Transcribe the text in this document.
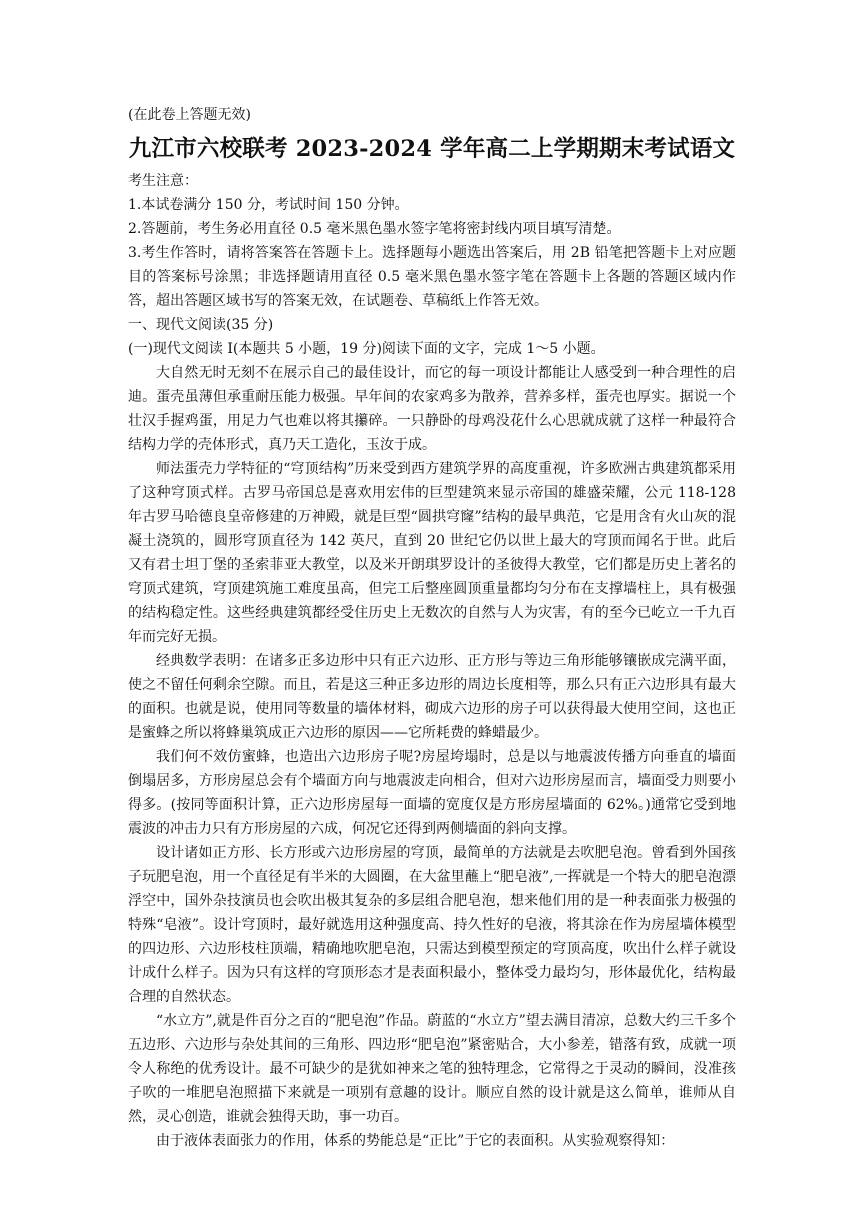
(在此卷上答题无效)

九江市六校联考 2023-2024 学年高二上学期期末考试语文

考生注意：

1.本试卷满分 150 分，考试时间 150 分钟。

2.答题前，考生务必用直径 0.5 毫米黑色墨水签字笔将密封线内项目填写清楚。

3.考生作答时，请将答案答在答题卡上。选择题每小题选出答案后，用 2B 铅笔把答题卡上对应题目的答案标号涂黑；非选择题请用直径 0.5 毫米黑色墨水签字笔在答题卡上各题的答题区域内作答，超出答题区域书写的答案无效，在试题卷、草稿纸上作答无效。

一、现代文阅读(35 分)

(一)现代文阅读 I(本题共 5 小题，19 分)阅读下面的文字，完成 1～5 小题。

大自然无时无刻不在展示自己的最佳设计，而它的每一项设计都能让人感受到一种合理性的启迪。蛋壳虽薄但承重耐压能力极强。早年间的农家鸡多为散养，营养多样，蛋壳也厚实。据说一个壮汉手握鸡蛋，用足力气也难以将其攥碎。一只静卧的母鸡没花什么心思就成就了这样一种最符合结构力学的壳体形式，真乃天工造化，玉汝于成。

师法蛋壳力学特征的“穹顶结构”历来受到西方建筑学界的高度重视，许多欧洲古典建筑都采用了这种穹顶式样。古罗马帝国总是喜欢用宏伟的巨型建筑来显示帝国的雄盛荣耀，公元 118-128 年古罗马哈德良皇帝修建的万神殿，就是巨型“圆拱穹窿”结构的最早典范，它是用含有火山灰的混凝土浇筑的，圆形穹顶直径为 142 英尺，直到 20 世纪它仍以世上最大的穹顶而闻名于世。此后又有君士坦丁堡的圣索菲亚大教堂，以及米开朗琪罗设计的圣彼得大教堂，它们都是历史上著名的穹顶式建筑，穹顶建筑施工难度虽高，但完工后整座圆顶重量都均匀分布在支撑墙柱上，具有极强的结构稳定性。这些经典建筑都经受住历史上无数次的自然与人为灾害，有的至今已屹立一千九百年而完好无损。

经典数学表明：在诸多正多边形中只有正六边形、正方形与等边三角形能够镶嵌成完满平面，使之不留任何剩余空隙。而且，若是这三种正多边形的周边长度相等，那么只有正六边形具有最大的面积。也就是说，使用同等数量的墙体材料，砌成六边形的房子可以获得最大使用空间，这也正是蜜蜂之所以将蜂巢筑成正六边形的原因——它所耗费的蜂蜡最少。

我们何不效仿蜜蜂，也造出六边形房子呢?房屋垮塌时，总是以与地震波传播方向垂直的墙面倒塌居多，方形房屋总会有个墙面方向与地震波走向相合，但对六边形房屋而言，墙面受力则要小得多。(按同等面积计算，正六边形房屋每一面墙的宽度仅是方形房屋墙面的 62%。)通常它受到地震波的冲击力只有方形房屋的六成，何况它还得到两侧墙面的斜向支撑。

设计诸如正方形、长方形或六边形房屋的穹顶，最简单的方法就是去吹肥皂泡。曾看到外国孩子玩肥皂泡，用一个直径足有半米的大圆圈，在大盆里蘸上“肥皂液”,一挥就是一个特大的肥皂泡漂浮空中，国外杂技演员也会吹出极其复杂的多层组合肥皂泡，想来他们用的是一种表面张力极强的特殊“皂液”。设计穹顶时，最好就选用这种强度高、持久性好的皂液，将其涂在作为房屋墙体模型的四边形、六边形枝柱顶端，精确地吹肥皂泡，只需达到模型预定的穹顶高度，吹出什么样子就设计成什么样子。因为只有这样的穹顶形态才是表面积最小，整体受力最均匀，形体最优化，结构最合理的自然状态。

“水立方”,就是件百分之百的“肥皂泡”作品。蔚蓝的“水立方”望去满目清凉，总数大约三千多个五边形、六边形与杂处其间的三角形、四边形“肥皂泡”紧密贴合，大小参差，错落有致，成就一项令人称绝的优秀设计。最不可缺少的是犹如神来之笔的独特理念，它常得之于灵动的瞬间，没准孩子吹的一堆肥皂泡照描下来就是一项别有意趣的设计。顺应自然的设计就是这么简单，谁师从自然，灵心创造，谁就会独得天助，事一功百。

由于液体表面张力的作用，体系的势能总是“正比”于它的表面积。从实验观察得知：
